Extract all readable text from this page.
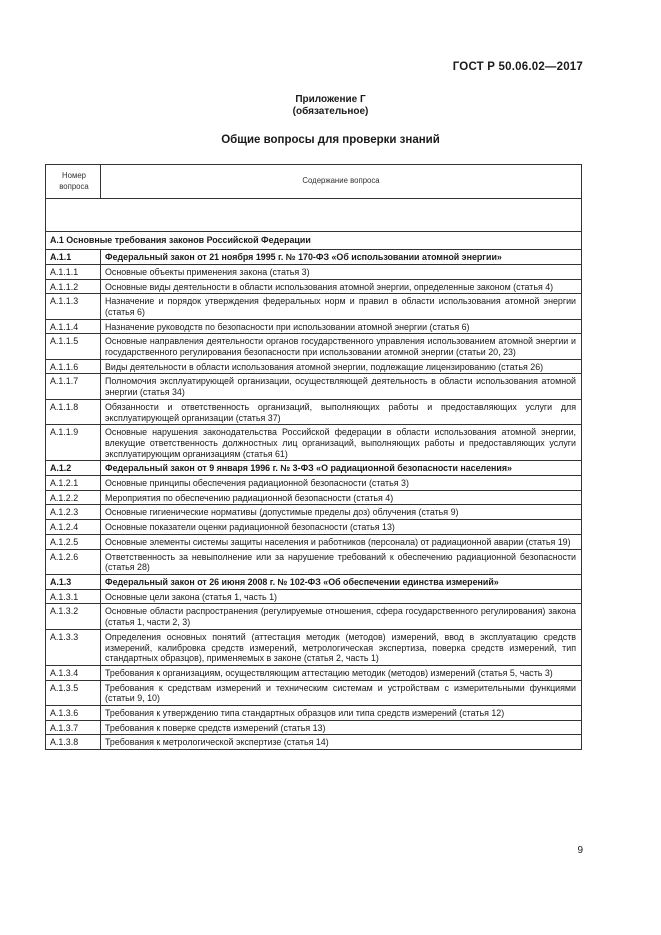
ГОСТ Р 50.06.02—2017
Приложение Г
(обязательное)
Общие вопросы для проверки знаний
Номер вопроса	Содержание вопроса

А.1 Основные требования законов Российской Федерации	
А.1.1	Федеральный закон от 21 ноября 1995 г. № 170-ФЗ «Об использовании атомной энергии»
А.1.1.1	Основные объекты применения закона (статья 3)
А.1.1.2	Основные виды деятельности в области использования атомной энергии, определенные законом (статья 4)
А.1.1.3	Назначение и порядок утверждения федеральных норм и правил в области использования атомной энергии (статья 6)
А.1.1.4	Назначение руководств по безопасности при использовании атомной энергии (статья 6)
А.1.1.5	Основные направления деятельности органов государственного управления использованием атомной энергии и государственного регулирования безопасности при использовании атомной энергии (статьи 20, 23)
А.1.1.6	Виды деятельности в области использования атомной энергии, подлежащие лицензированию (статья 26)
А.1.1.7	Полномочия эксплуатирующей организации, осуществляющей деятельность в области использования атомной энергии (статья 34)
А.1.1.8	Обязанности и ответственность организаций, выполняющих работы и предоставляющих услуги для эксплуатирующей организации (статья 37)
А.1.1.9	Основные нарушения законодательства Российской федерации в области использования атомной энергии, влекущие ответственность должностных лиц организаций, выполняющих работы и предоставляющих услуги эксплуатирующим организациям (статья 61)
А.1.2	Федеральный закон от 9 января 1996 г. № 3-ФЗ «О радиационной безопасности населения»
А.1.2.1	Основные принципы обеспечения радиационной безопасности (статья 3)
А.1.2.2	Мероприятия по обеспечению радиационной безопасности (статья 4)
А.1.2.3	Основные гигиенические нормативы (допустимые пределы доз) облучения (статья 9)
А.1.2.4	Основные показатели оценки радиационной безопасности (статья 13)
А.1.2.5	Основные элементы системы защиты населения и работников (персонала) от радиационной аварии (статья 19)
А.1.2.6	Ответственность за невыполнение или за нарушение требований к обеспечению радиационной безопасности (статья 28)
А.1.3	Федеральный закон от 26 июня 2008 г. № 102-ФЗ «Об обеспечении единства измерений»
А.1.3.1	Основные цели закона (статья 1, часть 1)
А.1.3.2	Основные области распространения (регулируемые отношения, сфера государственного регулирования) закона (статья 1, части 2, 3)
А.1.3.3	Определения основных понятий (аттестация методик (методов) измерений, ввод в эксплуатацию средств измерений, калибровка средств измерений, метрологическая экспертиза, поверка средств измерений, тип стандартных образцов), применяемых в законе (статья 2, часть 1)
А.1.3.4	Требования к организациям, осуществляющим аттестацию методик (методов) измерений (статья 5, часть 3)
А.1.3.5	Требования к средствам измерений и техническим системам и устройствам с измерительными функциями (статьи 9, 10)
А.1.3.6	Требования к утверждению типа стандартных образцов или типа средств измерений (статья 12)
А.1.3.7	Требования к поверке средств измерений (статья 13)
А.1.3.8	Требования к метрологической экспертизе (статья 14)
9
